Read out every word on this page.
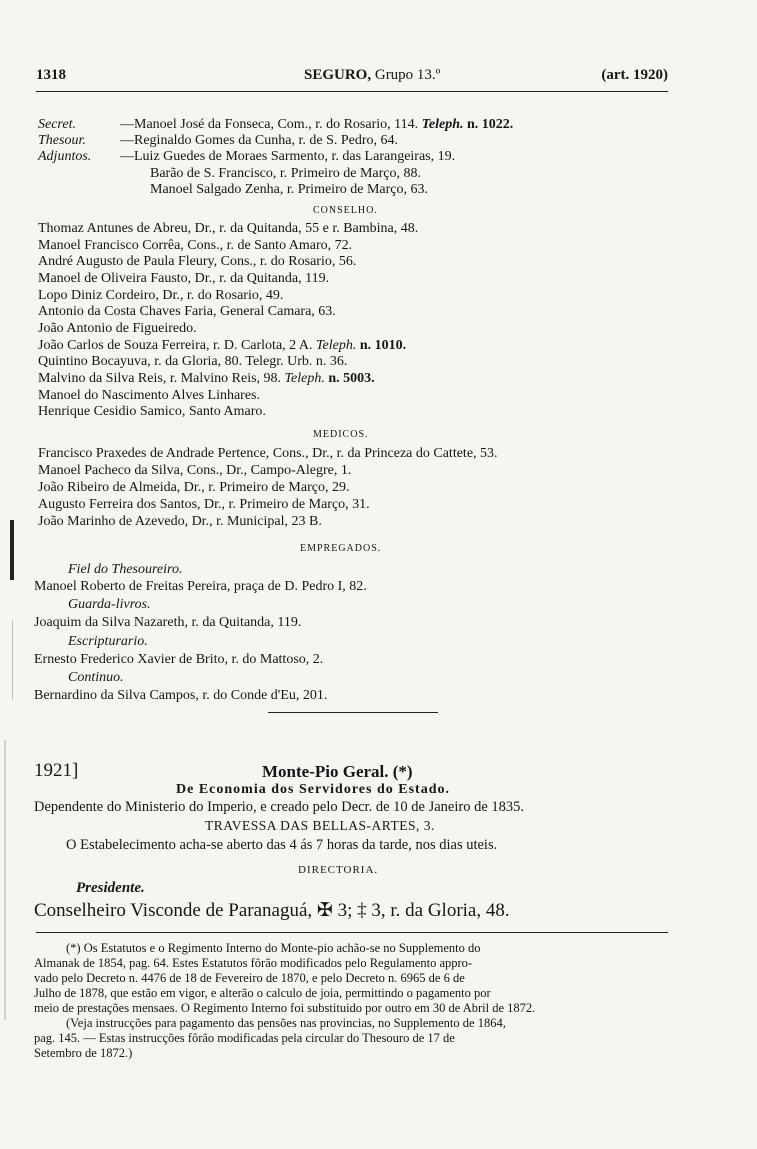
1318	SEGURO, Grupo 13.º	(art. 1920)
Secret.	—Manoel José da Fonseca, Com., r. do Rosario, 114. Teleph. n. 1022.
Thesour. —Reginaldo Gomes da Cunha, r. de S. Pedro, 64.
Adjuntos. —Luiz Guedes de Moraes Sarmento, r. das Larangeiras, 19.
Barão de S. Francisco, r. Primeiro de Março, 88.
Manoel Salgado Zenha, r. Primeiro de Março, 63.
CONSELHO.
Thomaz Antunes de Abreu, Dr., r. da Quitanda, 55 e r. Bambina, 48.
Manoel Francisco Corrêa, Cons., r. de Santo Amaro, 72.
André Augusto de Paula Fleury, Cons., r. do Rosario, 56.
Manoel de Oliveira Fausto, Dr., r. da Quitanda, 119.
Lopo Diniz Cordeiro, Dr., r. do Rosario, 49.
Antonio da Costa Chaves Faria, General Camara, 63.
João Antonio de Figueiredo.
João Carlos de Souza Ferreira, r. D. Carlota, 2 A. Teleph. n. 1010.
Quintino Bocayuva, r. da Gloria, 80. Telegr. Urb. n. 36.
Malvino da Silva Reis, r. Malvino Reis, 98. Teleph. n. 5003.
Manoel do Nascimento Alves Linhares.
Henrique Cesidio Samico, Santo Amaro.
MEDICOS.
Francisco Praxedes de Andrade Pertence, Cons., Dr., r. da Princeza do Cattete, 53.
Manoel Pacheco da Silva, Cons., Dr., Campo-Alegre, 1.
João Ribeiro de Almeida, Dr., r. Primeiro de Março, 29.
Augusto Ferreira dos Santos, Dr., r. Primeiro de Março, 31.
João Marinho de Azevedo, Dr., r. Municipal, 23 B.
EMPREGADOS.
Fiel do Thesoureiro.
Manoel Roberto de Freitas Pereira, praça de D. Pedro I, 82.
Guarda-livros.
Joaquim da Silva Nazareth, r. da Quitanda, 119.
Escripturario.
Ernesto Frederico Xavier de Brito, r. do Mattoso, 2.
Continuo.
Bernardino da Silva Campos, r. do Conde d'Eu, 201.
1921]	Monte-Pio Geral. (*)
De Economia dos Servidores do Estado.
Dependente do Ministerio do Imperio, e creado pelo Decr. de 10 de Janeiro de 1835.
TRAVESSA DAS BELLAS-ARTES, 3.
O Estabelecimento acha-se aberto das 4 ás 7 horas da tarde, nos dias uteis.
DIRECTORIA.
Presidente.
Conselheiro Visconde de Paranaguá, ✠ 3; ‡ 3, r. da Gloria, 48.
(*) Os Estatutos e o Regimento Interno do Monte-pio achão-se no Supplemento do
Almanak de 1854, pag. 64. Estes Estatutos fôrão modificados pelo Regulamento appro-
vado pelo Decreto n. 4476 de 18 de Fevereiro de 1870, e pelo Decreto n. 6965 de 6 de
Julho de 1878, que estão em vigor, e alterão o calculo de joia, permittindo o pagamento por
meio de prestações mensaes. O Regimento Interno foi substituido por outro em 30 de Abril de 1872.
(Veja instrucções para pagamento das pensões nas provincias, no Supplemento de 1864,
pag. 145. — Estas instrucções fôrão modificadas pela circular do Thesouro de 17 de
Setembro de 1872.)
